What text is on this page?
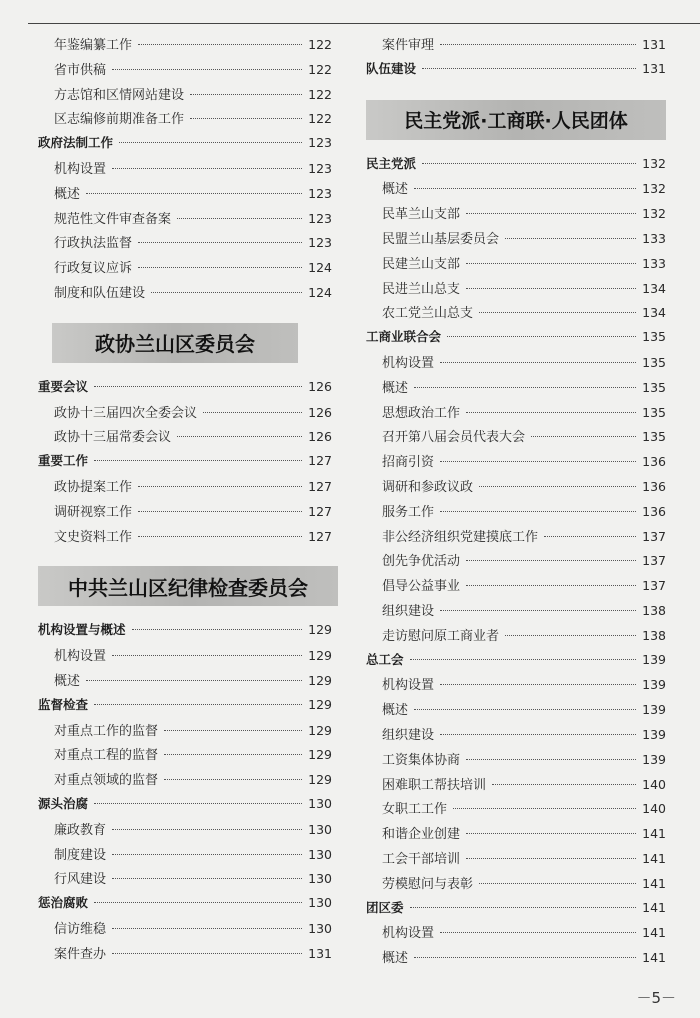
年鉴编纂工作	122
省市供稿	122
方志馆和区情网站建设	122
区志编修前期准备工作	122
政府法制工作	123
机构设置	123
概述	123
规范性文件审查备案	123
行政执法监督	123
行政复议应诉	124
制度和队伍建设	124
政协兰山区委员会
重要会议	126
政协十三届四次全委会议	126
政协十三届常委会议	126
重要工作	127
政协提案工作	127
调研视察工作	127
文史资料工作	127
中共兰山区纪律检查委员会
机构设置与概述	129
机构设置	129
概述	129
监督检查	129
对重点工作的监督	129
对重点工程的监督	129
对重点领域的监督	129
源头治腐	130
廉政教育	130
制度建设	130
行风建设	130
惩治腐败	130
信访维稳	130
案件查办	131
案件审理	131
队伍建设	131
民主党派·工商联·人民团体
民主党派	132
概述	132
民革兰山支部	132
民盟兰山基层委员会	133
民建兰山支部	133
民进兰山总支	134
农工党兰山总支	134
工商业联合会	135
机构设置	135
概述	135
思想政治工作	135
召开第八届会员代表大会	135
招商引资	136
调研和参政议政	136
服务工作	136
非公经济组织党建摸底工作	137
创先争优活动	137
倡导公益事业	137
组织建设	138
走访慰问原工商业者	138
总工会	139
机构设置	139
概述	139
组织建设	139
工资集体协商	139
困难职工帮扶培训	140
女职工工作	140
和谐企业创建	141
工会干部培训	141
劳模慰问与表彰	141
团区委	141
机构设置	141
概述	141
－5－
